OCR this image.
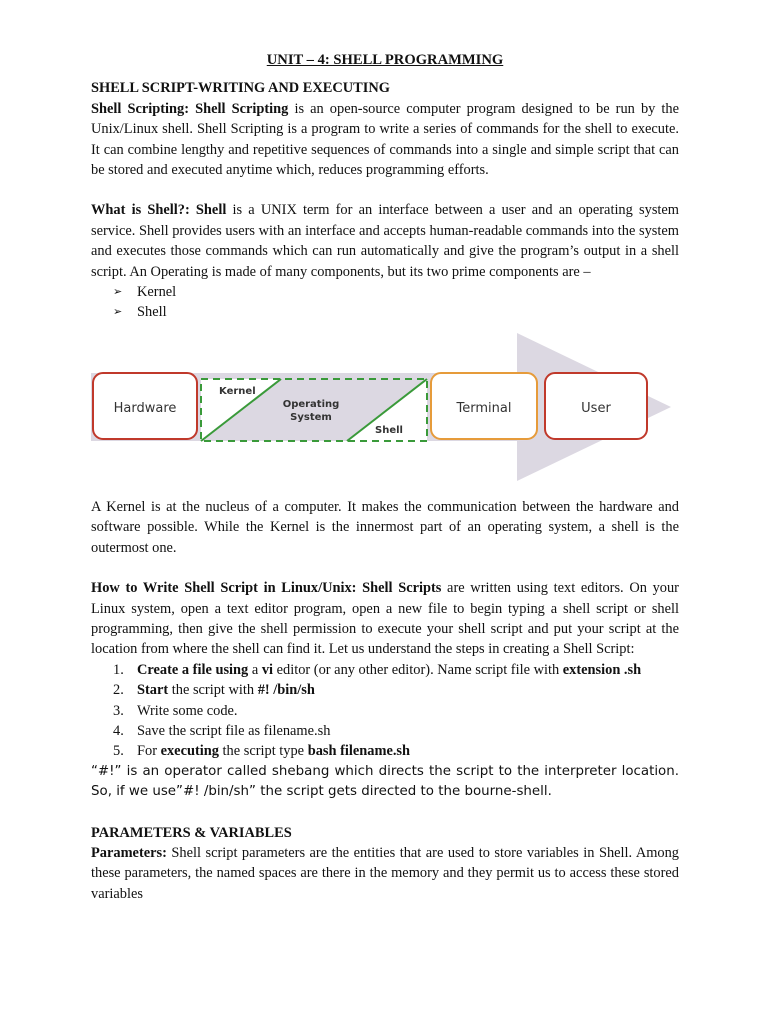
UNIT – 4: SHELL PROGRAMMING
SHELL SCRIPT-WRITING AND EXECUTING

Shell Scripting: Shell Scripting is an open-source computer program designed to be run by the Unix/Linux shell. Shell Scripting is a program to write a series of commands for the shell to execute. It can combine lengthy and repetitive sequences of commands into a single and simple script that can be stored and executed anytime which, reduces programming efforts.

What is Shell?: Shell is a UNIX term for an interface between a user and an operating system service. Shell provides users with an interface and accepts human-readable commands into the system and executes those commands which can run automatically and give the program’s output in a shell script. An Operating is made of many components, but its two prime components are –

➢ Kernel
➢ Shell
Hardware
Kernel
Operating
System
Shell
Terminal	User

A Kernel is at the nucleus of a computer. It makes the communication between the hardware and software possible. While the Kernel is the innermost part of an operating system, a shell is the outermost one.

How to Write Shell Script in Linux/Unix: Shell Scripts are written using text editors. On your Linux system, open a text editor program, open a new file to begin typing a shell script or shell programming, then give the shell permission to execute your shell script and put your script at the location from where the shell can find it. Let us understand the steps in creating a Shell Script:

1. Create a file using a vi editor (or any other editor). Name script file with extension .sh
2. Start the script with #! /bin/sh
3. Write some code.
4. Save the script file as filename.sh
5. For executing the script type bash filename.sh

“#!” is an operator called shebang which directs the script to the interpreter location. So, if we use”#! /bin/sh” the script gets directed to the bourne-shell.

PARAMETERS & VARIABLES

Parameters: Shell script parameters are the entities that are used to store variables in Shell. Among these parameters, the named spaces are there in the memory and they permit us to access these stored variables
